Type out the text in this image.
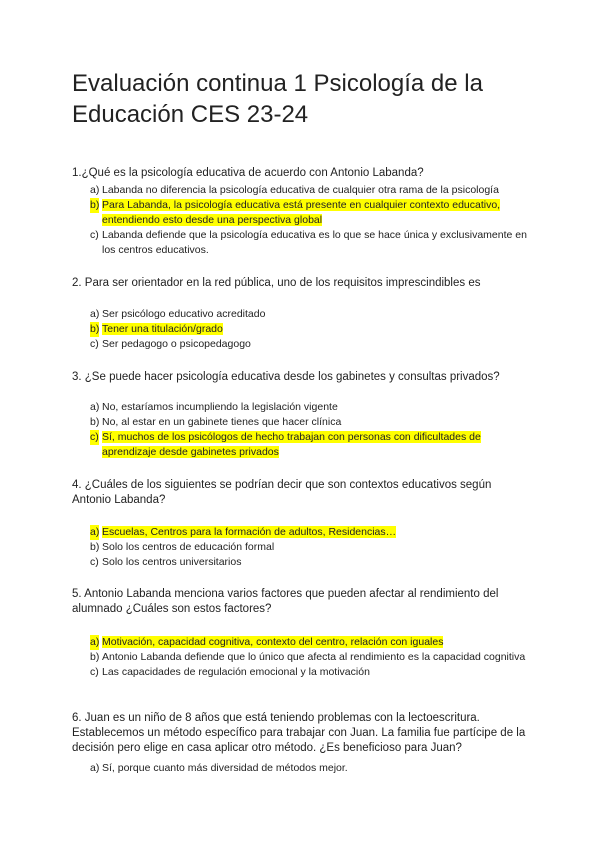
Evaluación continua 1 Psicología de la Educación CES 23-24

1.¿Qué es la psicología educativa de acuerdo con Antonio Labanda?

a) Labanda no diferencia la psicología educativa de cualquier otra rama de la psicología
b) Para Labanda, la psicología educativa está presente en cualquier contexto educativo, entendiendo esto desde una perspectiva global
c) Labanda defiende que la psicología educativa es lo que se hace única y exclusivamente en los centros educativos.

2. Para ser orientador en la red pública, uno de los requisitos imprescindibles es

a) Ser psicólogo educativo acreditado
b) Tener una titulación/grado
c) Ser pedagogo o psicopedagogo

3. ¿Se puede hacer psicología educativa desde los gabinetes y consultas privados?

a) No, estaríamos incumpliendo la legislación vigente
b) No, al estar en un gabinete tienes que hacer clínica
c) Sí, muchos de los psicólogos de hecho trabajan con personas con dificultades de aprendizaje desde gabinetes privados

4. ¿Cuáles de los siguientes se podrían decir que son contextos educativos según Antonio Labanda?

a) Escuelas, Centros para la formación de adultos, Residencias…
b) Solo los centros de educación formal
c) Solo los centros universitarios

5. Antonio Labanda menciona varios factores que pueden afectar al rendimiento del alumnado ¿Cuáles son estos factores?

a) Motivación, capacidad cognitiva, contexto del centro, relación con iguales
b) Antonio Labanda defiende que lo único que afecta al rendimiento es la capacidad cognitiva
c) Las capacidades de regulación emocional y la motivación

6. Juan es un niño de 8 años que está teniendo problemas con la lectoescritura. Establecemos un método específico para trabajar con Juan. La familia fue partícipe de la decisión pero elige en casa aplicar otro método. ¿Es beneficioso para Juan?

a) Sí, porque cuanto más diversidad de métodos mejor.
